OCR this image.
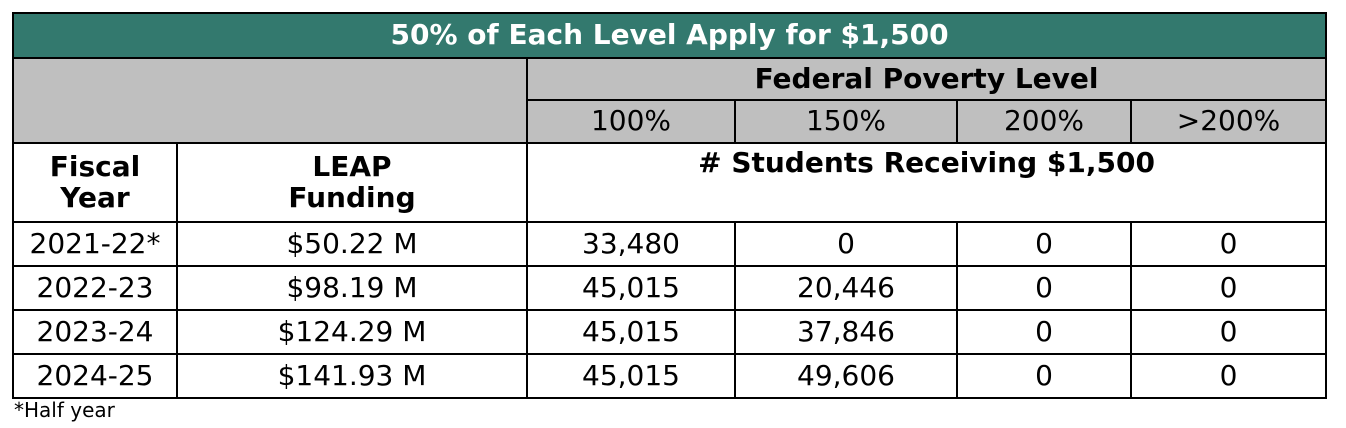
50% of Each Level Apply for $1,500					
		Federal Poverty Level			
		100%	150%	200%	>200%
Fiscal Year	LEAP Funding	# Students Receiving $1,500			
2021-22*	$50.22 M	33,480	0	0	0
2022-23	$98.19 M	45,015	20,446	0	0
2023-24	$124.29 M	45,015	37,846	0	0
2024-25	$141.93 M	45,015	49,606	0	0
*Half year
